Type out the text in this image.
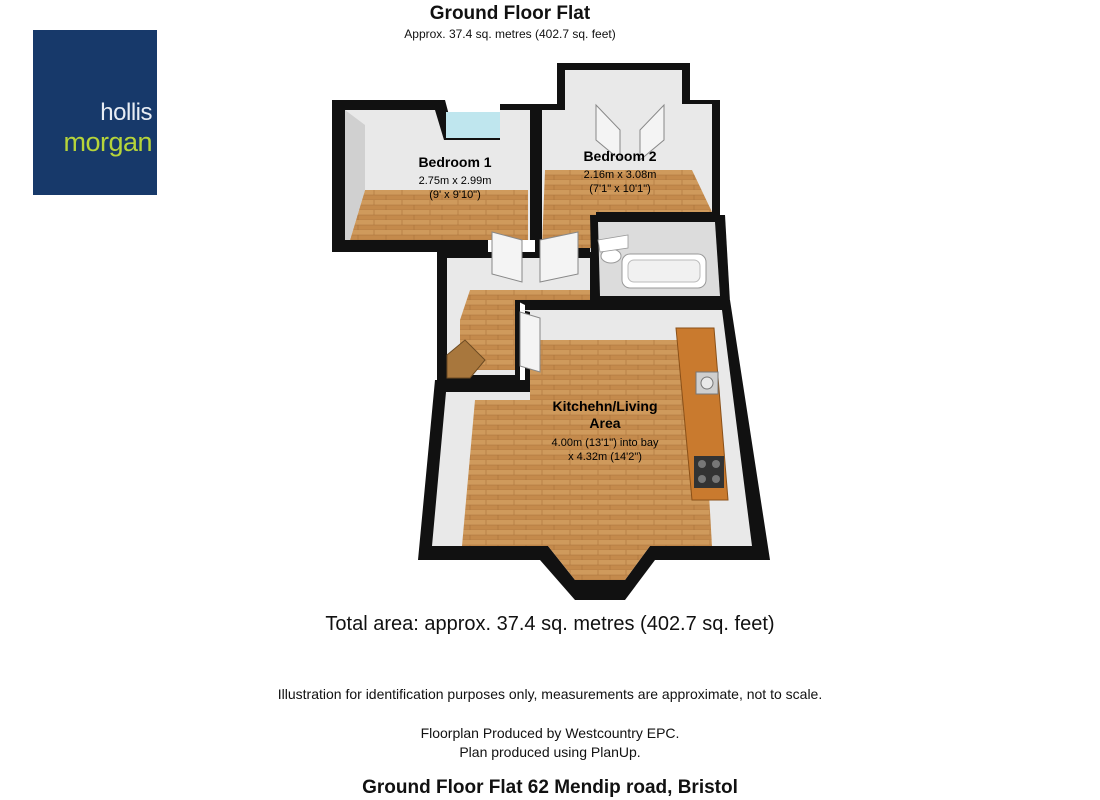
Ground Floor Flat
Approx. 37.4 sq. metres (402.7 sq. feet)
hollis
morgan
Bedroom 1
2.75m x 2.99m
(9' x 9'10")
Bedroom 2
2.16m x 3.08m
(7'1" x 10'1")
Kitchehn/Living
Area
4.00m (13'1") into bay
x 4.32m (14'2")
Total area: approx. 37.4 sq. metres (402.7 sq. feet)
Illustration for identification purposes only, measurements are approximate, not to scale.
Floorplan Produced by Westcountry EPC.
Plan produced using PlanUp.
Ground Floor Flat 62 Mendip road, Bristol
